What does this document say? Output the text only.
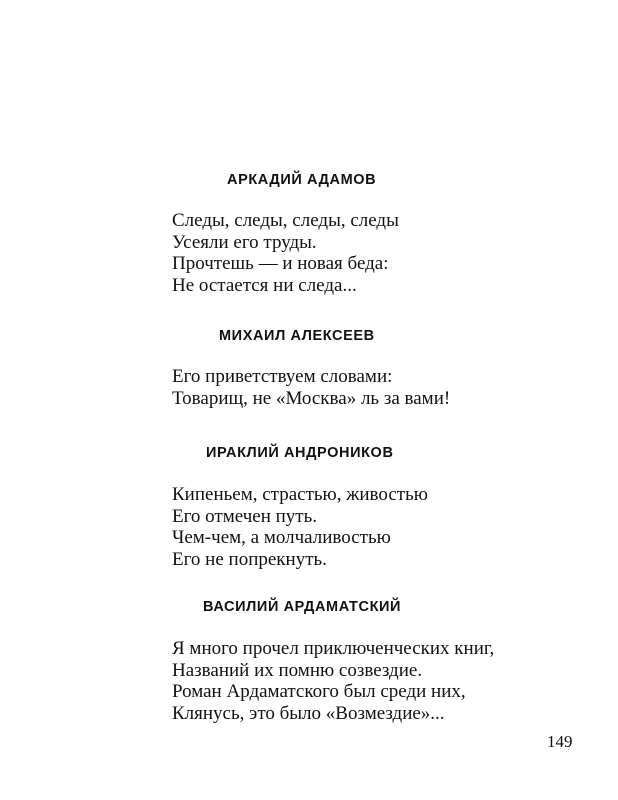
АРКАДИЙ АДАМОВ
Следы, следы, следы, следы
Усеяли его труды.
Прочтешь — и новая беда:
Не остается ни следа...
МИХАИЛ АЛЕКСЕЕВ
Его приветствуем словами:
Товарищ, не «Москва» ль за вами!
ИРАКЛИЙ АНДРОНИКОВ
Кипеньем, страстью, живостью
Его отмечен путь.
Чем-чем, а молчаливостью
Его не попрекнуть.
ВАСИЛИЙ АРДАМАТСКИЙ
Я много прочел приключенческих книг,
Названий их помню созвездие.
Роман Ардаматского был среди них,
Клянусь, это было «Возмездие»...
149
